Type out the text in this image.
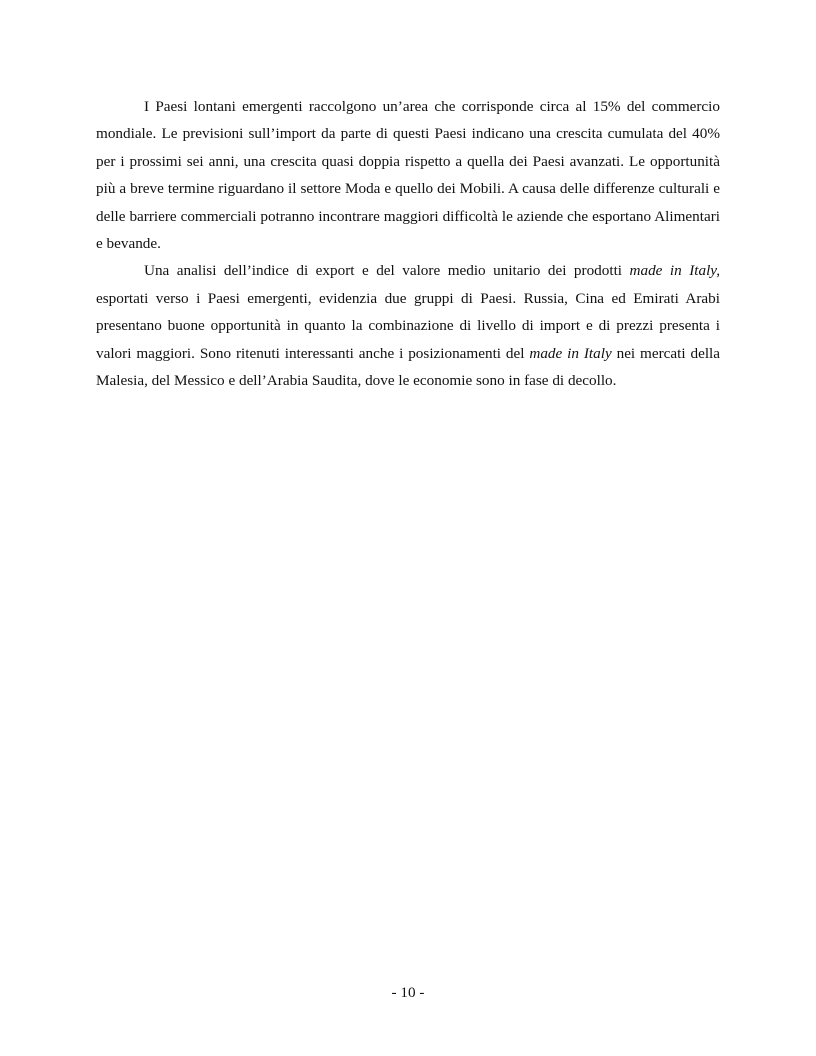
I Paesi lontani emergenti raccolgono un’area che corrisponde circa al 15% del commercio mondiale. Le previsioni sull’import da parte di questi Paesi indicano una crescita cumulata del 40% per i prossimi sei anni, una crescita quasi doppia rispetto a quella dei Paesi avanzati. Le opportunità più a breve termine riguardano il settore Moda e quello dei Mobili. A causa delle differenze culturali e delle barriere commerciali potranno incontrare maggiori difficoltà le aziende che esportano Alimentari e bevande.

Una analisi dell’indice di export e del valore medio unitario dei prodotti made in Italy, esportati verso i Paesi emergenti, evidenzia due gruppi di Paesi. Russia, Cina ed Emirati Arabi presentano buone opportunità in quanto la combinazione di livello di import e di prezzi presenta i valori maggiori. Sono ritenuti interessanti anche i posizionamenti del made in Italy nei mercati della Malesia, del Messico e dell’Arabia Saudita, dove le economie sono in fase di decollo.

- 10 -
